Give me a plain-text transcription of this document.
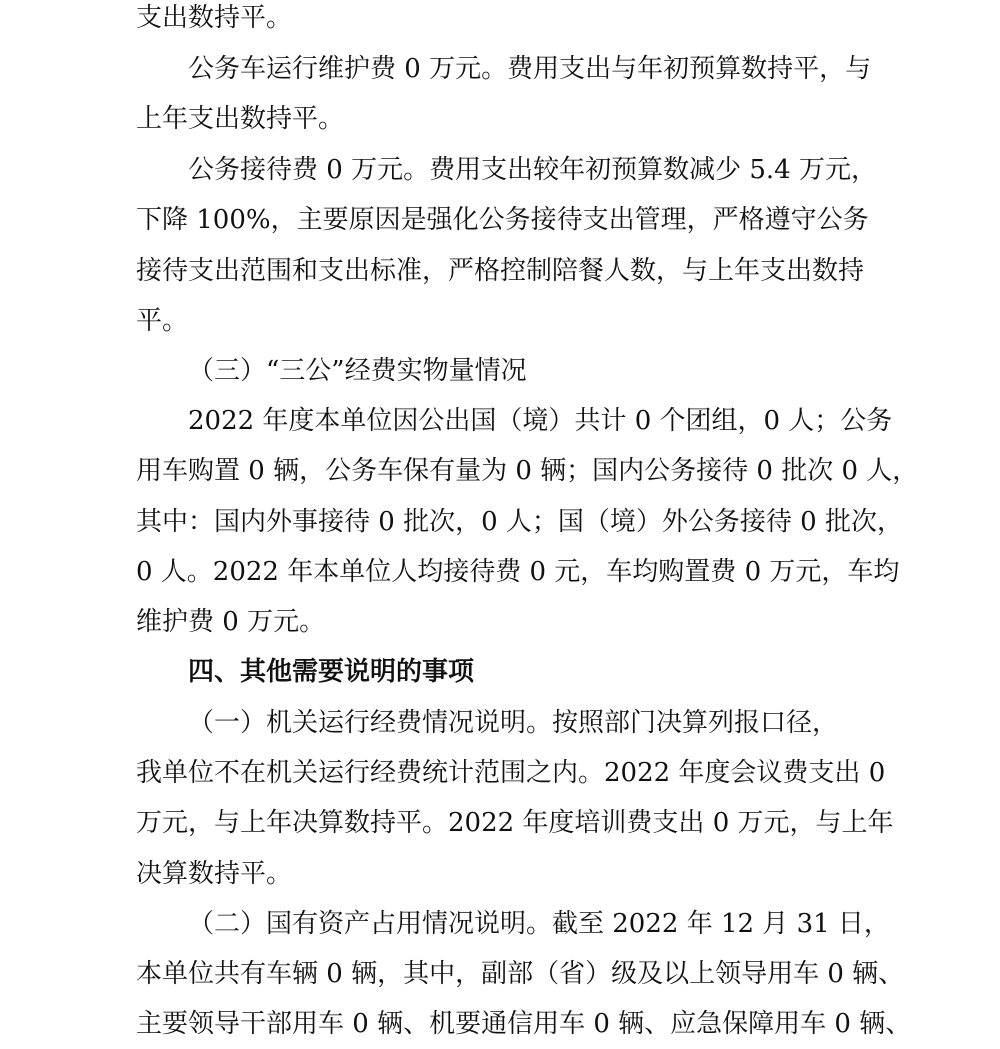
支出数持平。
公务车运行维护费 0 万元。费用支出与年初预算数持平，与
上年支出数持平。
公务接待费 0 万元。费用支出较年初预算数减少 5.4 万元，
下降 100%，主要原因是强化公务接待支出管理，严格遵守公务
接待支出范围和支出标准，严格控制陪餐人数，与上年支出数持
平。
（三）“三公”经费实物量情况
2022 年度本单位因公出国（境）共计 0 个团组，0 人；公务
用车购置 0 辆，公务车保有量为 0 辆；国内公务接待 0 批次 0 人，
其中：国内外事接待 0 批次，0 人；国（境）外公务接待 0 批次，
0 人。2022 年本单位人均接待费 0 元，车均购置费 0 万元，车均
维护费 0 万元。
四、其他需要说明的事项
（一）机关运行经费情况说明。按照部门决算列报口径，
我单位不在机关运行经费统计范围之内。2022 年度会议费支出 0
万元，与上年决算数持平。2022 年度培训费支出 0 万元，与上年
决算数持平。
（二）国有资产占用情况说明。截至 2022 年 12 月 31 日，
本单位共有车辆 0 辆，其中，副部（省）级及以上领导用车 0 辆、
主要领导干部用车 0 辆、机要通信用车 0 辆、应急保障用车 0 辆、
